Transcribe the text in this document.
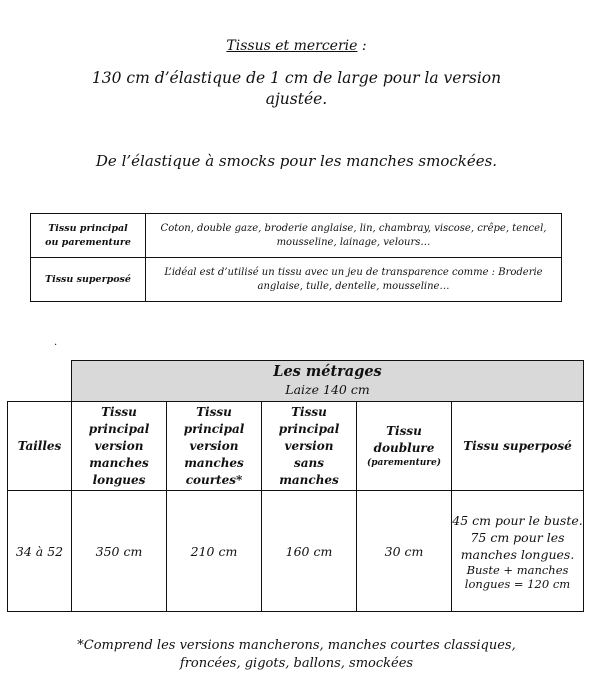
Tissus et mercerie :
130 cm d’élastique de 1 cm de large pour la version ajustée.
De l’élastique à smocks pour les manches smockées.
Tissu principal
ou parementure	Coton, double gaze, broderie anglaise, lin, chambray, viscose, crêpe, tencel, mousseline, lainage, velours…
Tissu superposé	L’idéal est d’utilisé un tissu avec un jeu de transparence comme : Broderie anglaise, tulle, dentelle, mousseline…
.

	Les métrages
Laize 140 cm				

Tailles	Tissu
principal
version
manches
longues	Tissu
principal
version
manches
courtes*	Tissu
principal
version
sans
manches	Tissu
doublure
(parementure)	Tissu superposé
34 à 52	350 cm	210 cm	160 cm	30 cm	45 cm pour le buste.
75 cm pour les manches longues.
Buste + manches longues = 120 cm
*Comprend les versions mancherons, manches courtes classiques, froncées, gigots, ballons, smockées
